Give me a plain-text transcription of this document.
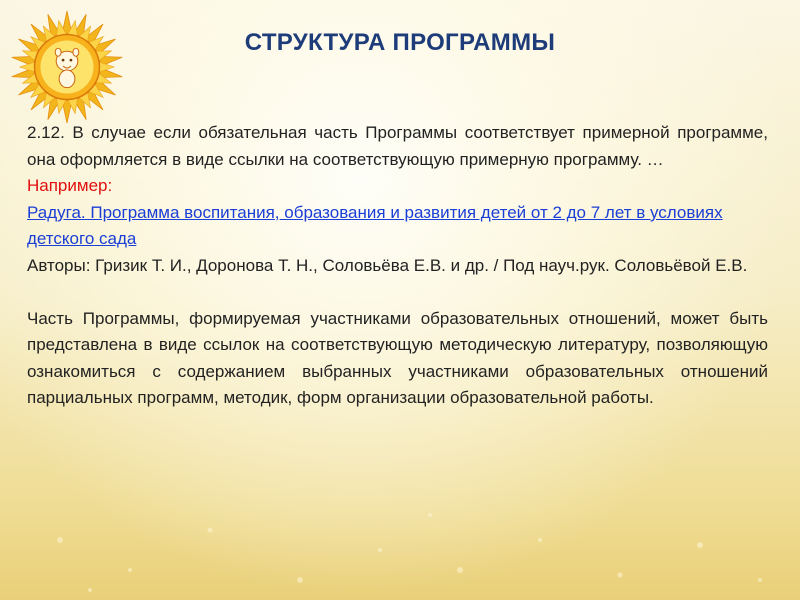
СТРУКТУРА ПРОГРАММЫ

2.12. В случае если обязательная часть Программы соответствует примерной программе, она оформляется в виде ссылки на соответствующую примерную программу. …

Например:

Радуга. Программа воспитания, образования и развития детей от 2 до 7 лет в условиях детского сада

Авторы: Гризик Т. И., Доронова Т. Н., Соловьёва Е.В. и др. / Под науч.рук. Соловьёвой Е.В.

Часть Программы, формируемая участниками образовательных отношений, может быть представлена в виде ссылок на соответствующую методическую литературу, позволяющую ознакомиться с содержанием выбранных участниками образовательных отношений парциальных программ, методик, форм организации образовательной работы.
